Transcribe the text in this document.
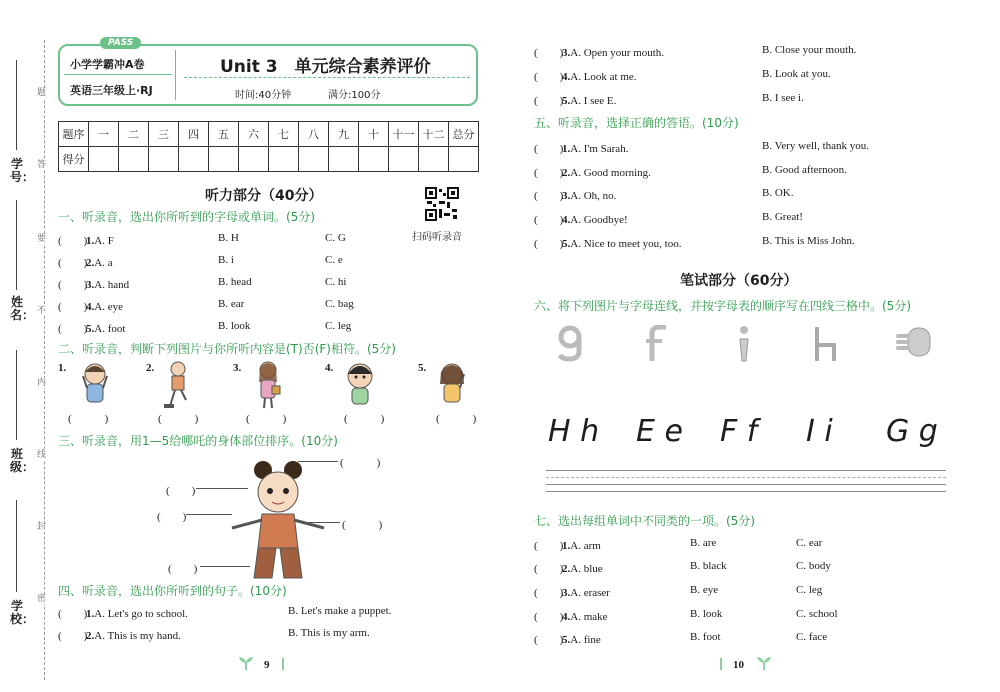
学号：
姓名：
班级：
学校：
题
答
要
不
内
线
封
密
PASS
小学学霸冲A卷
英语三年级上·RJ
Unit 3　单元综合素养评价
时间:40分钟	满分:100分
题序	一	二	三	四	五	六	七	八	九	十	十一	十二	总分
得分													
听力部分（40分）
扫码听录音
一、听录音，选出你所听到的字母或单词。(5分)
(　　)1.A. F	B. H	C. G
(　　)2.A. a	B. i	C. e
(　　)3.A. hand	B. head	C. hi
(　　)4.A. eye	B. ear	C. bag
(　　)5.A. foot	B. look	C. leg
二、听录音，判断下列图片与你所听内容是(T)否(F)相符。(5分)
1.
(　　　)
2.
(　　　)
3.
(　　　)
4.
(　　　)
5.
(　　　)
三、听录音，用1—5给哪吒的身体部位排序。(10分)
(　　　)
(　　)
(　　)
(　　　)
(　　)
四、听录音，选出你所听到的句子。(10分)
(　　)1.A. Let's go to school.	B. Let's make a puppet.
(　　)2.A. This is my hand.	B. This is my arm.
9
(　　)3.A. Open your mouth.	B. Close your mouth.
(　　)4.A. Look at me.	B. Look at you.
(　　)5.A. I see E.	B. I see i.
五、听录音，选择正确的答语。(10分)
(　　)1.A. I'm Sarah.	B. Very well, thank you.
(　　)2.A. Good morning.	B. Good afternoon.
(　　)3.A. Oh, no.	B. OK.
(　　)4.A. Goodbye!	B. Great!
(　　)5.A. Nice to meet you, too.	B. This is Miss John.
笔试部分（60分）
六、将下列图片与字母连线，并按字母表的顺序写在四线三格中。(5分)
H h E e F f I i G g
七、选出每组单词中不同类的一项。(5分)
(　　)1.A. arm	B. are	C. ear
(　　)2.A. blue	B. black	C. body
(　　)3.A. eraser	B. eye	C. leg
(　　)4.A. make	B. look	C. school
(　　)5.A. fine	B. foot	C. face
10
